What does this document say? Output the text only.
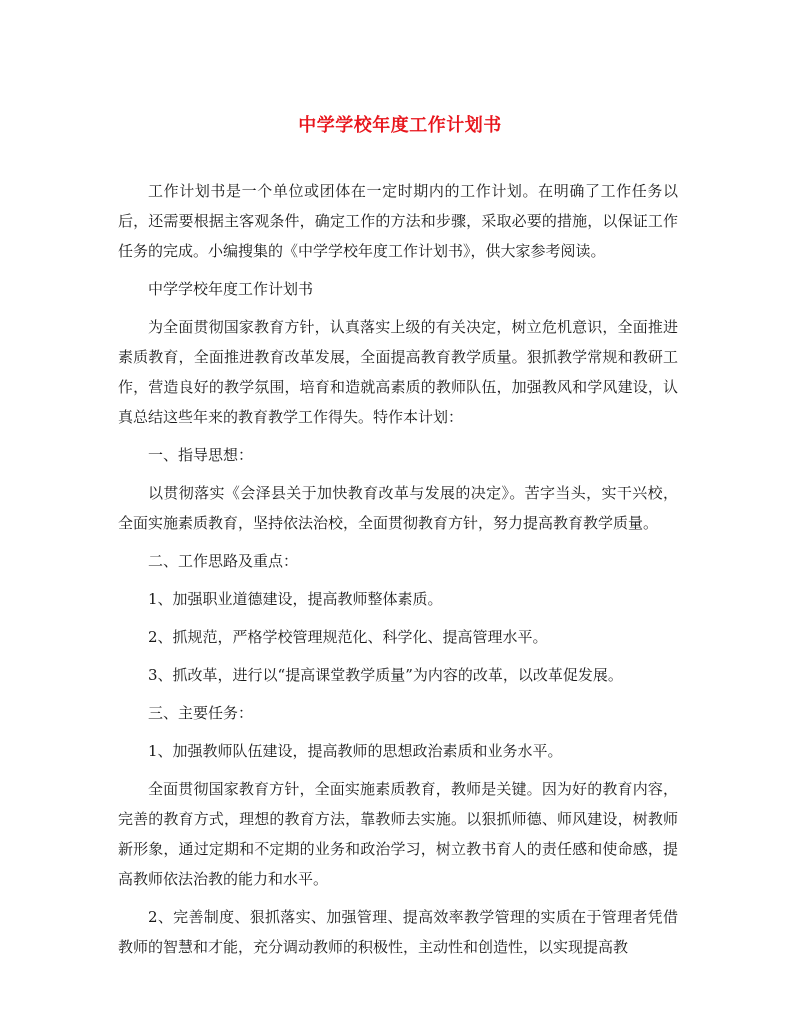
中学学校年度工作计划书

工作计划书是一个单位或团体在一定时期内的工作计划。在明确了工作任务以后，还需要根据主客观条件，确定工作的方法和步骤，采取必要的措施，以保证工作任务的完成。小编搜集的《中学学校年度工作计划书》，供大家参考阅读。

中学学校年度工作计划书

为全面贯彻国家教育方针，认真落实上级的有关决定，树立危机意识，全面推进素质教育，全面推进教育改革发展，全面提高教育教学质量。狠抓教学常规和教研工作，营造良好的教学氛围，培育和造就高素质的教师队伍，加强教风和学风建设，认真总结这些年来的教育教学工作得失。特作本计划：

一、指导思想：

以贯彻落实《会泽县关于加快教育改革与发展的决定》。苦字当头，实干兴校，全面实施素质教育，坚持依法治校，全面贯彻教育方针，努力提高教育教学质量。

二、工作思路及重点：

1、加强职业道德建设，提高教师整体素质。

2、抓规范，严格学校管理规范化、科学化、提高管理水平。

3、抓改革，进行以“提高课堂教学质量”为内容的改革，以改革促发展。

三、主要任务：

1、加强教师队伍建设，提高教师的思想政治素质和业务水平。

全面贯彻国家教育方针，全面实施素质教育，教师是关键。因为好的教育内容，完善的教育方式，理想的教育方法，靠教师去实施。以狠抓师德、师风建设，树教师新形象，通过定期和不定期的业务和政治学习，树立教书育人的责任感和使命感，提高教师依法治教的能力和水平。

2、完善制度、狠抓落实、加强管理、提高效率教学管理的实质在于管理者凭借教师的智慧和才能，充分调动教师的积极性，主动性和创造性，以实现提高教
